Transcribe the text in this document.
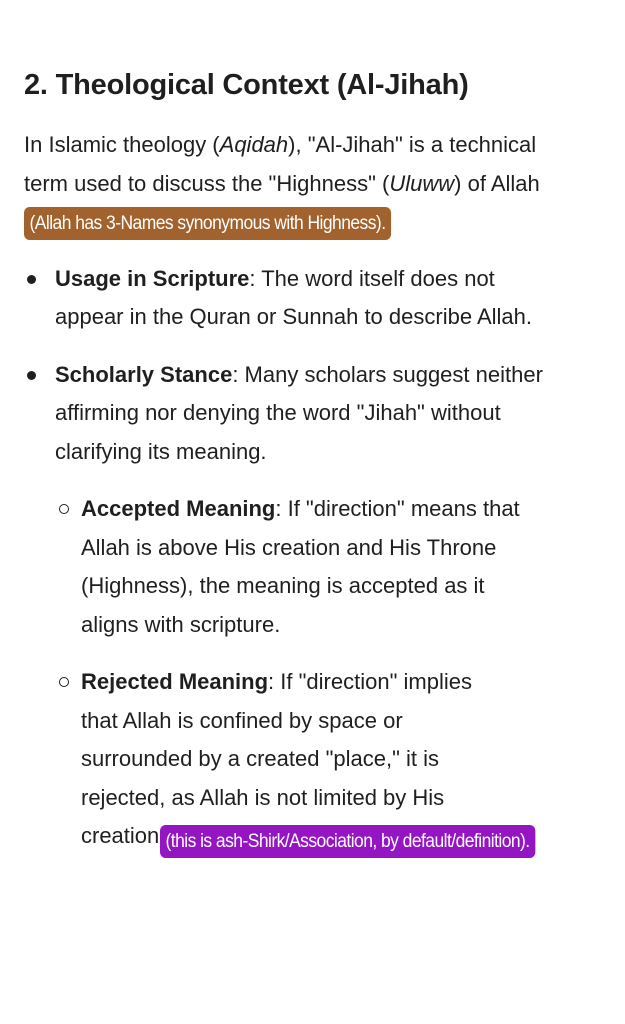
2. Theological Context (Al-Jihah)

In Islamic theology (Aqidah), "Al-Jihah" is a technical term used to discuss the "Highness" (Uluww) of Allah (Allah has 3-Names synonymous with Highness).

Usage in Scripture: The word itself does not appear in the Quran or Sunnah to describe Allah.
Scholarly Stance: Many scholars suggest neither affirming nor denying the word "Jihah" without clarifying its meaning.
Accepted Meaning: If "direction" means that Allah is above His creation and His Throne (Highness), the meaning is accepted as it aligns with scripture.
Rejected Meaning: If "direction" implies that Allah is confined by space or surrounded by a created "place," it is rejected, as Allah is not limited by His creation (this is ash-Shirk/Association, by default/definition).
